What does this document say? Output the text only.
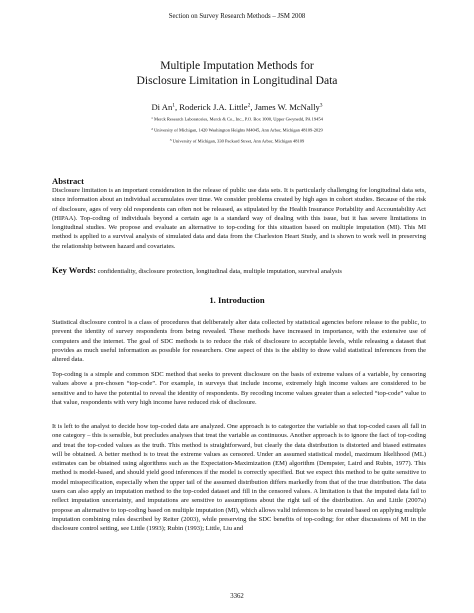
Section on Survey Research Methods – JSM 2008
Multiple Imputation Methods for
Disclosure Limitation in Longitudinal Data
Di An$^1$, Roderick J.A. Little$^2$, James W. McNally$^3$
$^1$ Merck Research Laboratories, Merck & Co., Inc., P.O. Box 1000, Upper Gwynedd, PA 19454
$^2$ University of Michigan, 1420 Washington Heights M4045, Ann Arbor, Michigan 48109-2029
$^3$ University of Michigan, 330 Packard Street, Ann Arbor, Michigan 48109
Abstract
Disclosure limitation is an important consideration in the release of public use data sets. It is particularly challenging for longitudinal data sets, since information about an individual accumulates over time. We consider problems created by high ages in cohort studies. Because of the risk of disclosure, ages of very old respondents can often not be released, as stipulated by the Health Insurance Portability and Accountability Act (HIPAA). Top-coding of individuals beyond a certain age is a standard way of dealing with this issue, but it has severe limitations in longitudinal studies. We propose and evaluate an alternative to top-coding for this situation based on multiple imputation (MI). This MI method is applied to a survival analysis of simulated data and data from the Charleston Heart Study, and is shown to work well in preserving the relationship between hazard and covariates.
Key Words: confidentiality, disclosure protection, longitudinal data, multiple imputation, survival analysis
1. Introduction
Statistical disclosure control is a class of procedures that deliberately alter data collected by statistical agencies before release to the public, to prevent the identity of survey respondents from being revealed. These methods have increased in importance, with the extensive use of computers and the internet. The goal of SDC methods is to reduce the risk of disclosure to acceptable levels, while releasing a dataset that provides as much useful information as possible for researchers. One aspect of this is the ability to draw valid statistical inferences from the altered data.
Top-coding is a simple and common SDC method that seeks to prevent disclosure on the basis of extreme values of a variable, by censoring values above a pre-chosen “top-code”. For example, in surveys that include income, extremely high income values are considered to be sensitive and to have the potential to reveal the identity of respondents. By recoding income values greater than a selected “top-code” value to that value, respondents with very high income have reduced risk of disclosure.
It is left to the analyst to decide how top-coded data are analyzed. One approach is to categorize the variable so that top-coded cases all fall in one category – this is sensible, but precludes analyses that treat the variable as continuous. Another approach is to ignore the fact of top-coding and treat the top-coded values as the truth. This method is straightforward, but clearly the data distribution is distorted and biased estimates will be obtained. A better method is to treat the extreme values as censored. Under an assumed statistical model, maximum likelihood (ML) estimates can be obtained using algorithms such as the Expectation-Maximization (EM) algorithm (Dempster, Laird and Rubin, 1977). This method is model-based, and should yield good inferences if the model is correctly specified. But we expect this method to be quite sensitive to model misspecification, especially when the upper tail of the assumed distribution differs markedly from that of the true distribution. The data users can also apply an imputation method to the top-coded dataset and fill in the censored values. A limitation is that the imputed data fail to reflect imputation uncertainty, and imputations are sensitive to assumptions about the right tail of the distribution. An and Little (2007a) propose an alternative to top-coding based on multiple imputation (MI), which allows valid inferences to be created based on applying multiple imputation combining rules described by Reiter (2003), while preserving the SDC benefits of top-coding; for other discussions of MI in the disclosure control setting, see Little (1993); Rubin (1993); Little, Liu and
3362
